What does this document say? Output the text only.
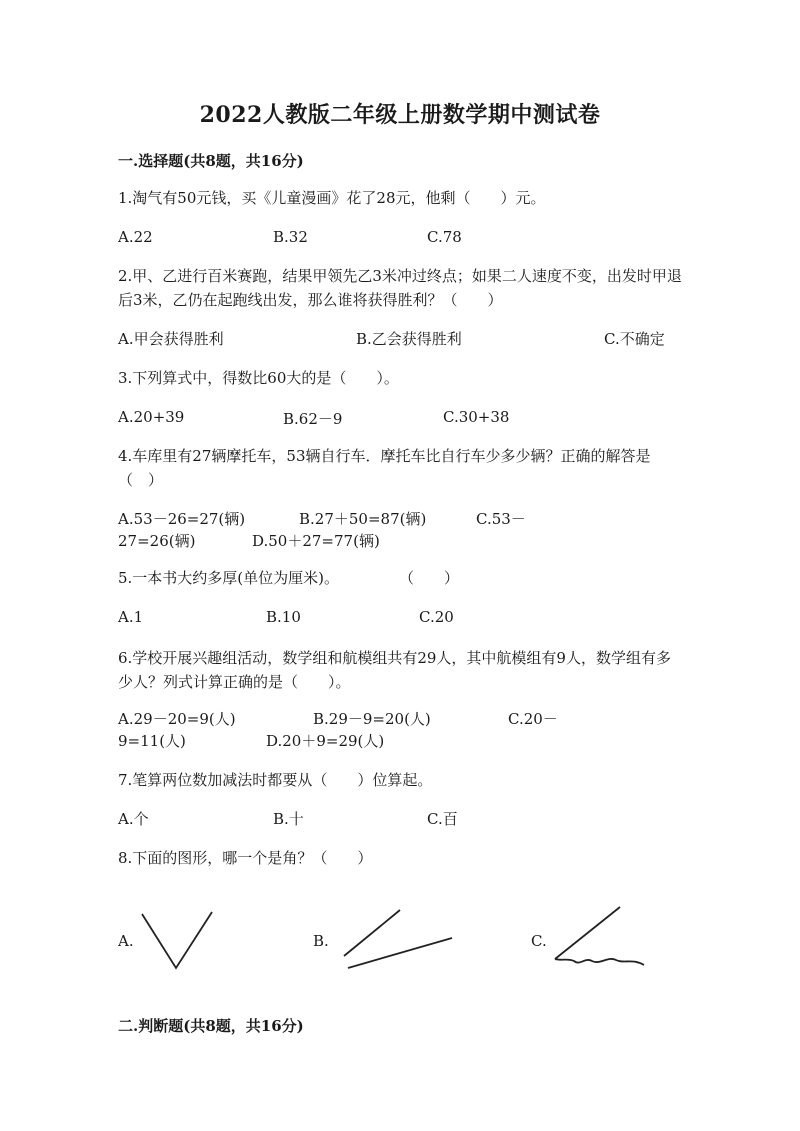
2022人教版二年级上册数学期中测试卷
一.选择题(共8题，共16分)
1.淘气有50元钱，买《儿童漫画》花了28元，他剩（　　）元。
A.22	B.32	C.78
2.甲、乙进行百米赛跑，结果甲领先乙3米冲过终点；如果二人速度不变，出发时甲退后3米，乙仍在起跑线出发，那么谁将获得胜利？（　　）
A.甲会获得胜利	B.乙会获得胜利	C.不确定
3.下列算式中，得数比60大的是（　　）。
A.20+39	B.62－9	C.30+38
4.车库里有27辆摩托车，53辆自行车．摩托车比自行车少多少辆？正确的解答是（　）
A.53－26=27(辆)	B.27＋50=87(辆)	C.53－
27=26(辆)	D.50＋27=77(辆)
5.一本书大约多厚(单位为厘米)。　　　　　（　　）
A.1	B.10	C.20
6.学校开展兴趣组活动，数学组和航模组共有29人，其中航模组有9人，数学组有多少人？列式计算正确的是（　　）。
A.29－20=9(人)	B.29－9=20(人)	C.20－
9=11(人)	D.20＋9=29(人)
7.笔算两位数加减法时都要从（　　）位算起。
A.个	B.十	C.百
8.下面的图形，哪一个是角？（　　）
A.	B.	C.
二.判断题(共8题，共16分)
